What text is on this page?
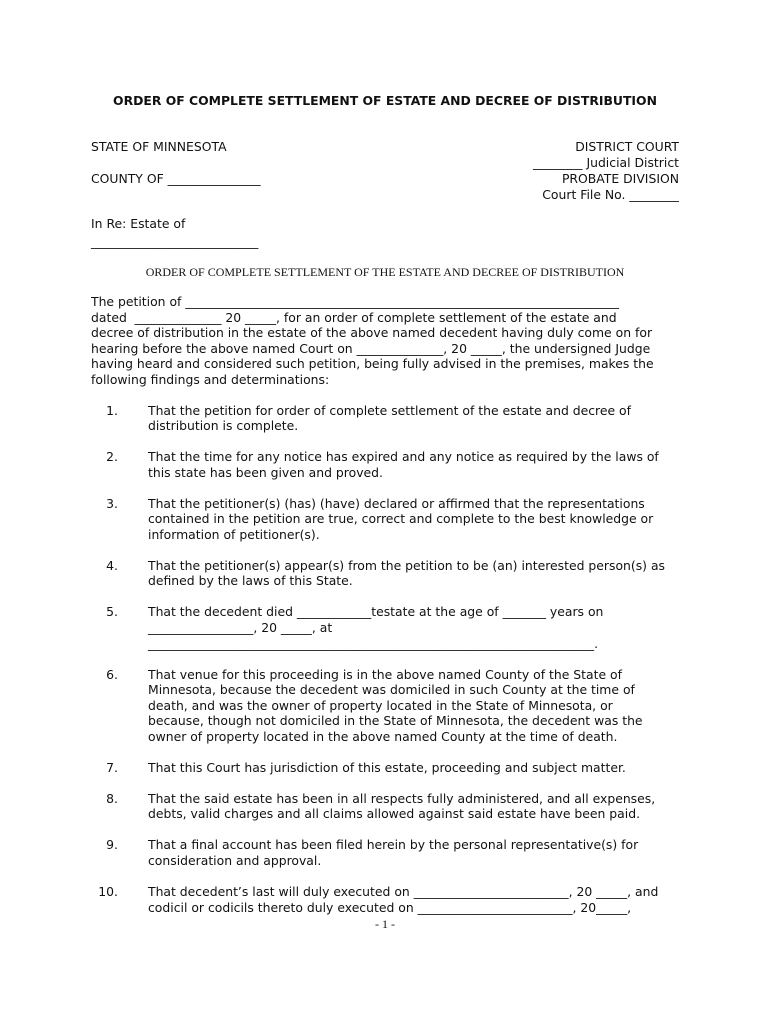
ORDER OF COMPLETE SETTLEMENT OF ESTATE AND DECREE OF DISTRIBUTION
STATE OF MINNESOTA
COUNTY OF _______________
DISTRICT COURT
________ Judicial District
PROBATE DIVISION
Court File No. ________
In Re: Estate of
___________________________
ORDER OF COMPLETE SETTLEMENT OF THE ESTATE AND DECREE OF DISTRIBUTION
The petition of ______________________________________________________________________
dated  ______________ 20 _____, for an order of complete settlement of the estate and
decree of distribution in the estate of the above named decedent having duly come on for
hearing before the above named Court on ______________, 20 _____, the undersigned Judge
having heard and considered such petition, being fully advised in the premises, makes the
following findings and determinations:
1. That the petition for order of complete settlement of the estate and decree of
distribution is complete.
2. That the time for any notice has expired and any notice as required by the laws of
this state has been given and proved.
3. That the petitioner(s) (has) (have) declared or affirmed that the representations
contained in the petition are true, correct and complete to the best knowledge or
information of petitioner(s).
4. That the petitioner(s) appear(s) from the petition to be (an) interested person(s) as
defined by the laws of this State.
5. That the decedent died ____________testate at the age of _______ years on
_________________, 20 _____, at
________________________________________________________________________.
6. That venue for this proceeding is in the above named County of the State of
Minnesota, because the decedent was domiciled in such County at the time of
death, and was the owner of property located in the State of Minnesota, or
because, though not domiciled in the State of Minnesota, the decedent was the
owner of property located in the above named County at the time of death.
7. That this Court has jurisdiction of this estate, proceeding and subject matter.
8. That the said estate has been in all respects fully administered, and all expenses,
debts, valid charges and all claims allowed against said estate have been paid.
9. That a final account has been filed herein by the personal representative(s) for
consideration and approval.
10. That decedent’s last will duly executed on _________________________, 20 _____, and
codicil or codicils thereto duly executed on _________________________, 20_____,
- 1 -
